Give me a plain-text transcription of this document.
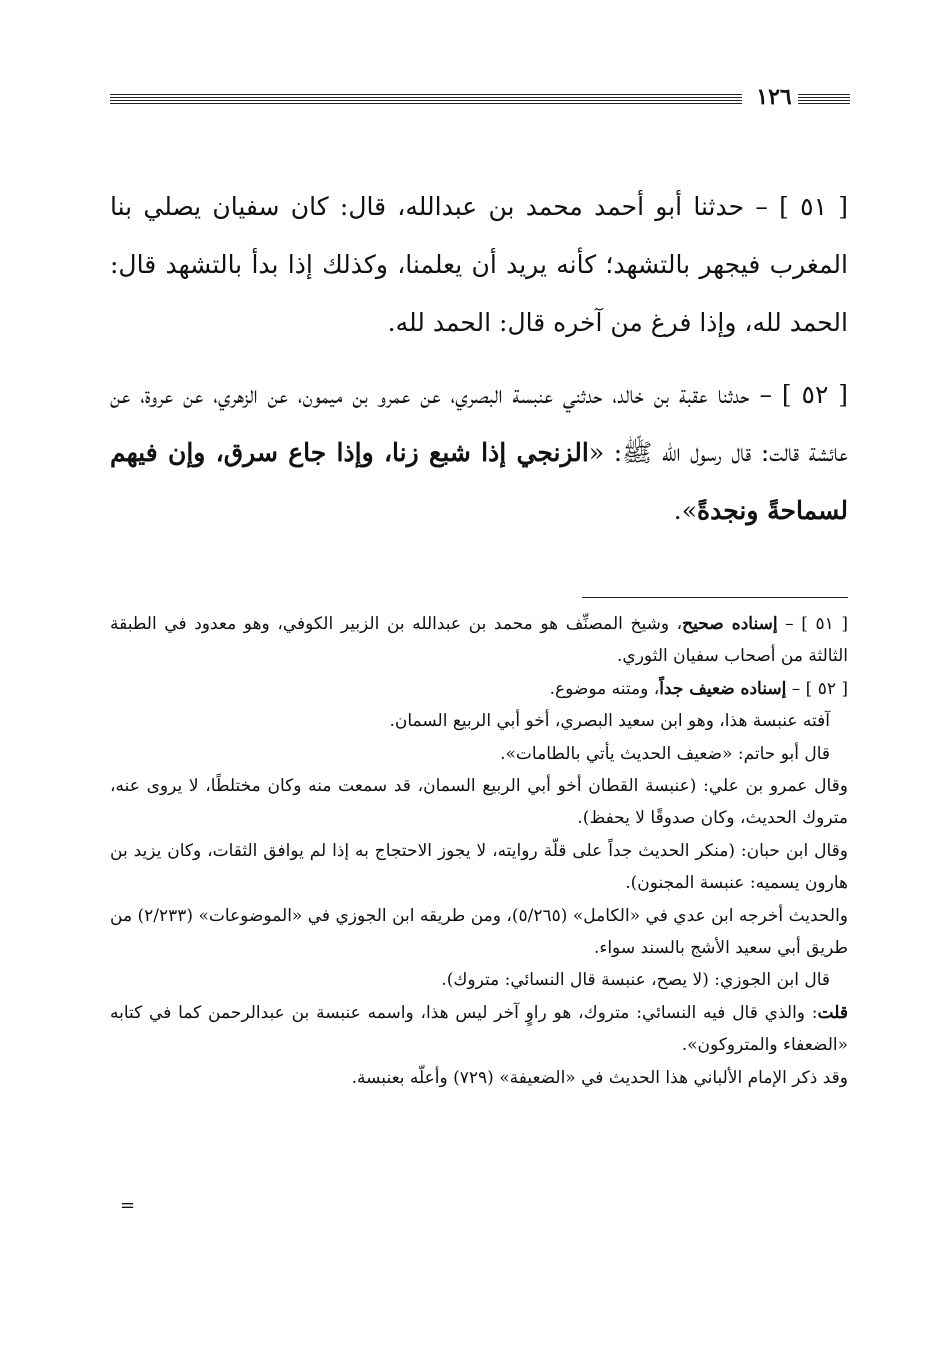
١٢٦

[ ٥١ ] – حدثنا أبو أحمد محمد بن عبدالله، قال: كان سفيان يصلي بنا المغرب فيجهر بالتشهد؛ كأنه يريد أن يعلمنا، وكذلك إذا بدأ بالتشهد قال: الحمد لله، وإذا فرغ من آخره قال: الحمد لله.

[ ٥٢ ] – حدثنا عقبة بن خالد، حدثني عنبسة البصري، عن عمرو بن ميمون، عن الزهري، عن عروة، عن عائشة قالت: قال رسول الله ﷺ: «الزنجي إذا شبع زنا، وإذا جاع سرق، وإن فيهم لسماحةً ونجدةً».

[ ٥١ ] – إسناده صحيح، وشيخ المصنِّف هو محمد بن عبدالله بن الزبير الكوفي، وهو معدود في الطبقة الثالثة من أصحاب سفيان الثوري.

[ ٥٢ ] – إسناده ضعيف جداً، ومتنه موضوع.

آفته عنبسة هذا، وهو ابن سعيد البصري، أخو أبي الربيع السمان.

قال أبو حاتم: «ضعيف الحديث يأتي بالطامات».

وقال عمرو بن علي: (عنبسة القطان أخو أبي الربيع السمان، قد سمعت منه وكان مختلطًا، لا يروى عنه، متروك الحديث، وكان صدوقًا لا يحفظ).

وقال ابن حبان: (منكر الحديث جداً على قلّة روايته، لا يجوز الاحتجاج به إذا لم يوافق الثقات، وكان يزيد بن هارون يسميه: عنبسة المجنون).

والحديث أخرجه ابن عدي في «الكامل» (٥/٢٦٥)، ومن طريقه ابن الجوزي في «الموضوعات» (٢/٢٣٣) من طريق أبي سعيد الأشج بالسند سواء.

قال ابن الجوزي: (لا يصح، عنبسة قال النسائي: متروك).

قلت: والذي قال فيه النسائي: متروك، هو راوٍ آخر ليس هذا، واسمه عنبسة بن عبدالرحمن كما في كتابه «الضعفاء والمتروكون».

وقد ذكر الإمام الألباني هذا الحديث في «الضعيفة» (٧٢٩) وأعلّه بعنبسة.

=
